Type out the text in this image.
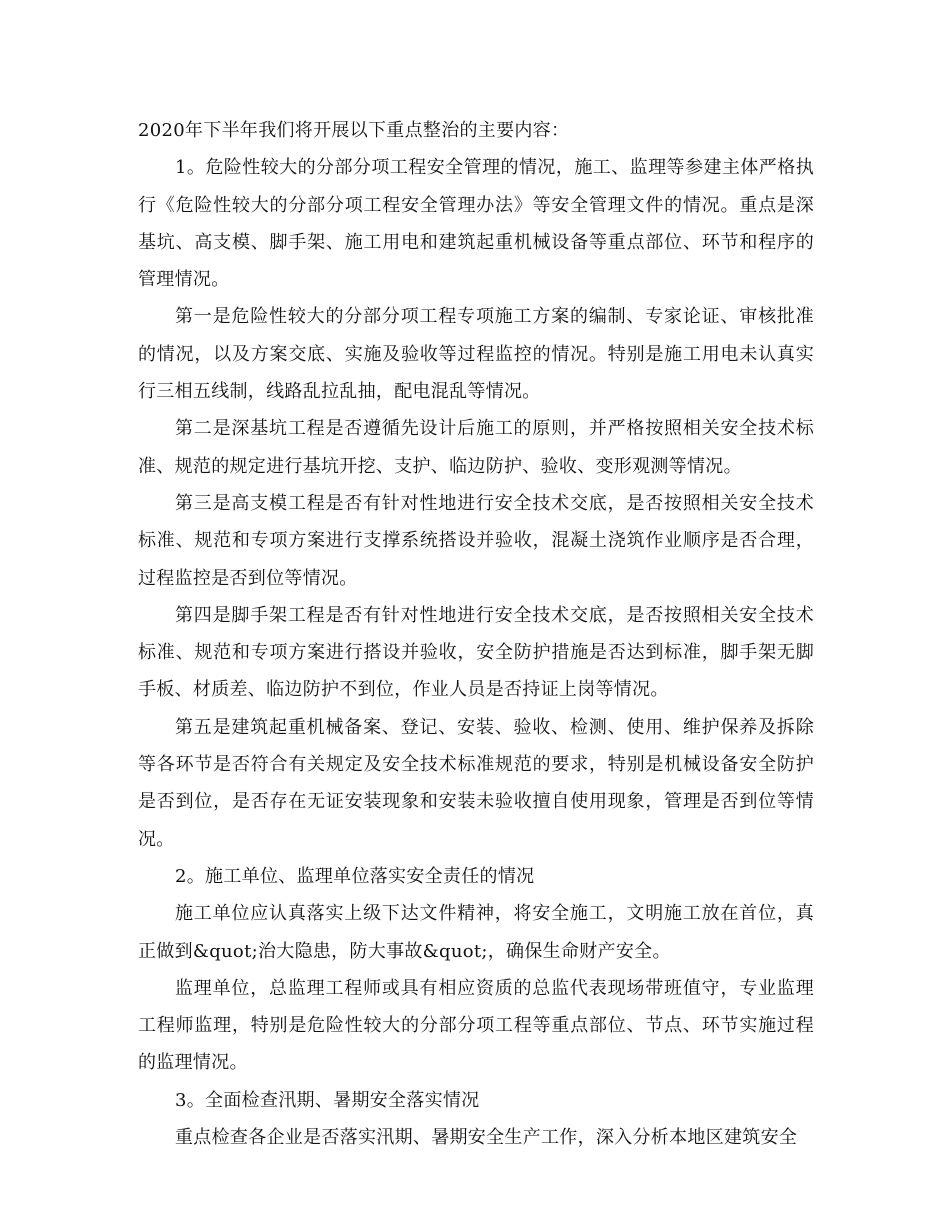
2020年下半年我们将开展以下重点整治的主要内容：

1。危险性较大的分部分项工程安全管理的情况，施工、监理等参建主体严格执行《危险性较大的分部分项工程安全管理办法》等安全管理文件的情况。重点是深基坑、高支模、脚手架、施工用电和建筑起重机械设备等重点部位、环节和程序的管理情况。

第一是危险性较大的分部分项工程专项施工方案的编制、专家论证、审核批准的情况，以及方案交底、实施及验收等过程监控的情况。特别是施工用电未认真实行三相五线制，线路乱拉乱抽，配电混乱等情况。

第二是深基坑工程是否遵循先设计后施工的原则，并严格按照相关安全技术标准、规范的规定进行基坑开挖、支护、临边防护、验收、变形观测等情况。

第三是高支模工程是否有针对性地进行安全技术交底，是否按照相关安全技术标准、规范和专项方案进行支撑系统搭设并验收，混凝土浇筑作业顺序是否合理，过程监控是否到位等情况。

第四是脚手架工程是否有针对性地进行安全技术交底，是否按照相关安全技术标准、规范和专项方案进行搭设并验收，安全防护措施是否达到标准，脚手架无脚手板、材质差、临边防护不到位，作业人员是否持证上岗等情况。

第五是建筑起重机械备案、登记、安装、验收、检测、使用、维护保养及拆除等各环节是否符合有关规定及安全技术标准规范的要求，特别是机械设备安全防护是否到位，是否存在无证安装现象和安装未验收擅自使用现象，管理是否到位等情况。

2。施工单位、监理单位落实安全责任的情况

施工单位应认真落实上级下达文件精神，将安全施工，文明施工放在首位，真正做到&quot;治大隐患，防大事故&quot;，确保生命财产安全。

监理单位，总监理工程师或具有相应资质的总监代表现场带班值守，专业监理工程师监理，特别是危险性较大的分部分项工程等重点部位、节点、环节实施过程的监理情况。

3。全面检查汛期、暑期安全落实情况

重点检查各企业是否落实汛期、暑期安全生产工作，深入分析本地区建筑安全
